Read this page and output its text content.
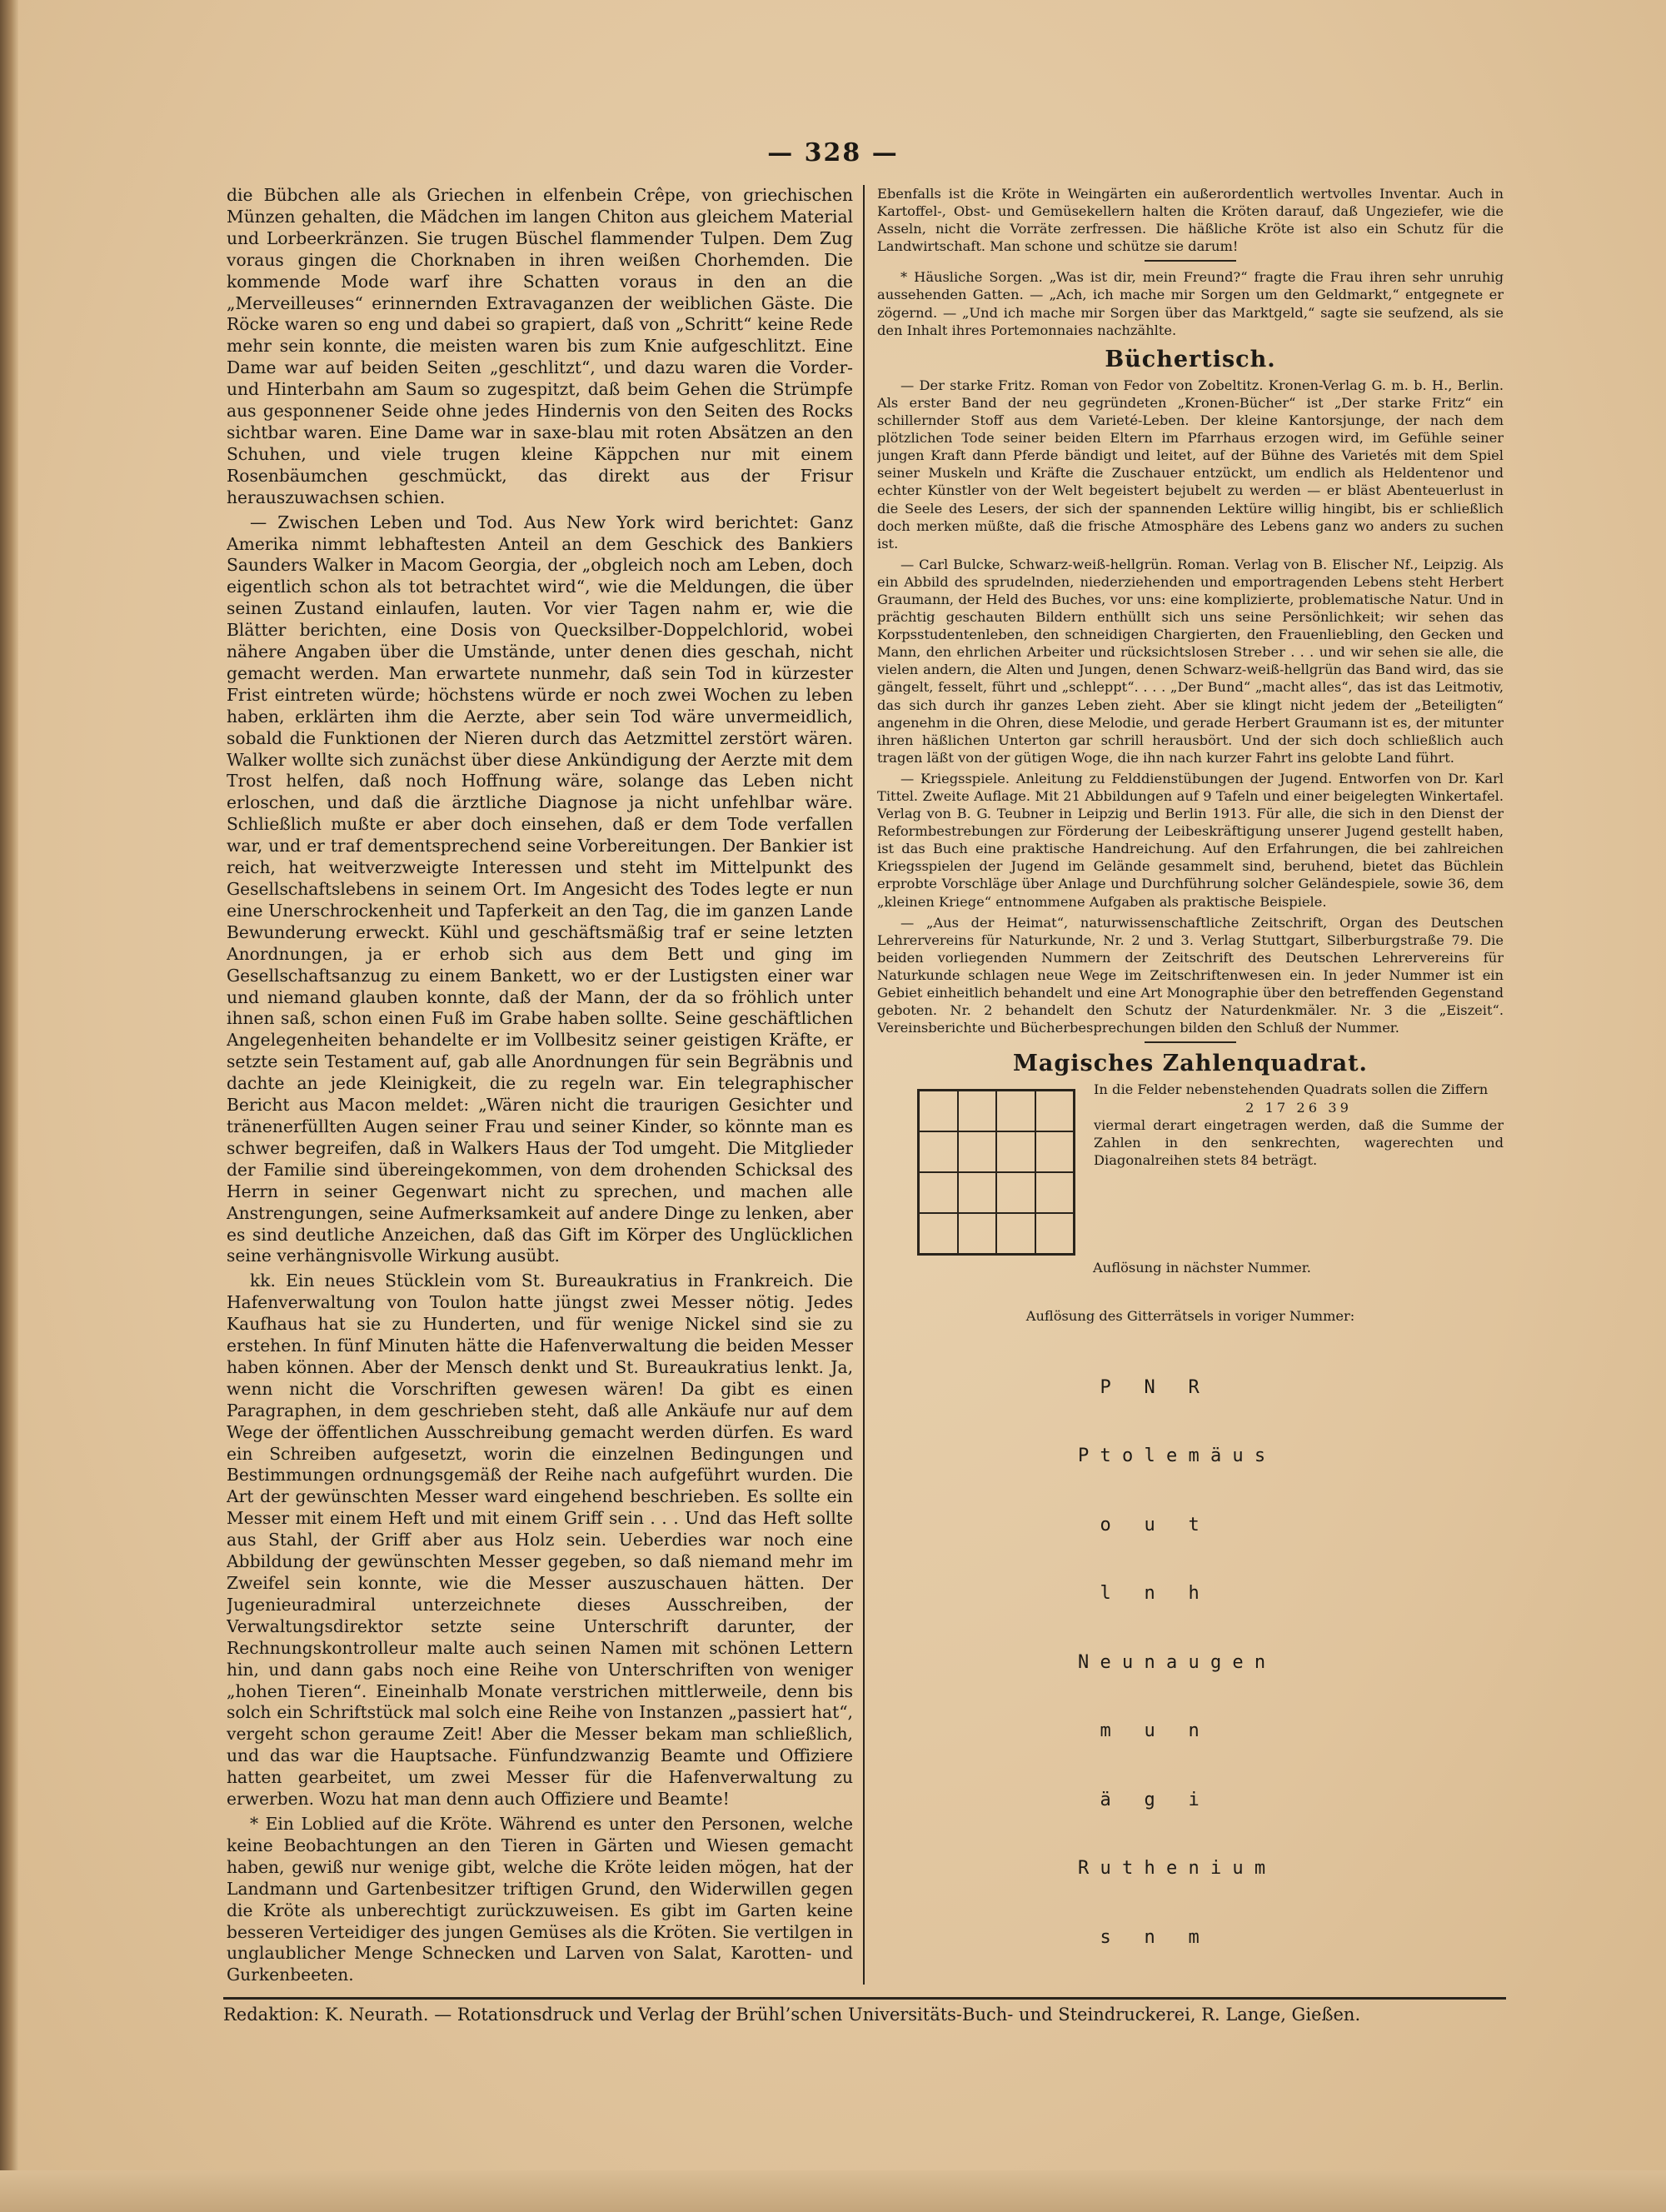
— 328 —

die Bübchen alle als Griechen in elfenbein Crêpe, von griechischen Münzen gehalten, die Mädchen im langen Chiton aus gleichem Material und Lorbeerkränzen. Sie trugen Büschel flammender Tulpen. Dem Zug voraus gingen die Chorknaben in ihren weißen Chorhemden. Die kommende Mode warf ihre Schatten voraus in den an die „Merveilleuses“ erinnernden Extravaganzen der weiblichen Gäste. Die Röcke waren so eng und dabei so grapiert, daß von „Schritt“ keine Rede mehr sein konnte, die meisten waren bis zum Knie aufgeschlitzt. Eine Dame war auf beiden Seiten „geschlitzt“, und dazu waren die Vorder- und Hinterbahn am Saum so zugespitzt, daß beim Gehen die Strümpfe aus gesponnener Seide ohne jedes Hindernis von den Seiten des Rocks sichtbar waren. Eine Dame war in saxe-blau mit roten Absätzen an den Schuhen, und viele trugen kleine Käppchen nur mit einem Rosenbäumchen geschmückt, das direkt aus der Frisur herauszuwachsen schien.

— Zwischen Leben und Tod. Aus New York wird berichtet: Ganz Amerika nimmt lebhaftesten Anteil an dem Geschick des Bankiers Saunders Walker in Macom Georgia, der „obgleich noch am Leben, doch eigentlich schon als tot betrachtet wird“, wie die Meldungen, die über seinen Zustand einlaufen, lauten. Vor vier Tagen nahm er, wie die Blätter berichten, eine Dosis von Quecksilber-Doppelchlorid, wobei nähere Angaben über die Umstände, unter denen dies geschah, nicht gemacht werden. Man erwartete nunmehr, daß sein Tod in kürzester Frist eintreten würde; höchstens würde er noch zwei Wochen zu leben haben, erklärten ihm die Aerzte, aber sein Tod wäre unvermeidlich, sobald die Funktionen der Nieren durch das Aetzmittel zerstört wären. Walker wollte sich zunächst über diese Ankündigung der Aerzte mit dem Trost helfen, daß noch Hoffnung wäre, solange das Leben nicht erloschen, und daß die ärztliche Diagnose ja nicht unfehlbar wäre. Schließlich mußte er aber doch einsehen, daß er dem Tode verfallen war, und er traf dementsprechend seine Vorbereitungen. Der Bankier ist reich, hat weitverzweigte Interessen und steht im Mittelpunkt des Gesellschaftslebens in seinem Ort. Im Angesicht des Todes legte er nun eine Unerschrockenheit und Tapferkeit an den Tag, die im ganzen Lande Bewunderung erweckt. Kühl und geschäftsmäßig traf er seine letzten Anordnungen, ja er erhob sich aus dem Bett und ging im Gesellschaftsanzug zu einem Bankett, wo er der Lustigsten einer war und niemand glauben konnte, daß der Mann, der da so fröhlich unter ihnen saß, schon einen Fuß im Grabe haben sollte. Seine geschäftlichen Angelegenheiten behandelte er im Vollbesitz seiner geistigen Kräfte, er setzte sein Testament auf, gab alle Anordnungen für sein Begräbnis und dachte an jede Kleinigkeit, die zu regeln war. Ein telegraphischer Bericht aus Macon meldet: „Wären nicht die traurigen Gesichter und tränenerfüllten Augen seiner Frau und seiner Kinder, so könnte man es schwer begreifen, daß in Walkers Haus der Tod umgeht. Die Mitglieder der Familie sind übereingekommen, von dem drohenden Schicksal des Herrn in seiner Gegenwart nicht zu sprechen, und machen alle Anstrengungen, seine Aufmerksamkeit auf andere Dinge zu lenken, aber es sind deutliche Anzeichen, daß das Gift im Körper des Unglücklichen seine verhängnisvolle Wirkung ausübt.

kk. Ein neues Stücklein vom St. Bureaukratius in Frankreich. Die Hafenverwaltung von Toulon hatte jüngst zwei Messer nötig. Jedes Kaufhaus hat sie zu Hunderten, und für wenige Nickel sind sie zu erstehen. In fünf Minuten hätte die Hafenverwaltung die beiden Messer haben können. Aber der Mensch denkt und St. Bureaukratius lenkt. Ja, wenn nicht die Vorschriften gewesen wären! Da gibt es einen Paragraphen, in dem geschrieben steht, daß alle Ankäufe nur auf dem Wege der öffentlichen Ausschreibung gemacht werden dürfen. Es ward ein Schreiben aufgesetzt, worin die einzelnen Bedingungen und Bestimmungen ordnungsgemäß der Reihe nach aufgeführt wurden. Die Art der gewünschten Messer ward eingehend beschrieben. Es sollte ein Messer mit einem Heft und mit einem Griff sein . . . Und das Heft sollte aus Stahl, der Griff aber aus Holz sein. Ueberdies war noch eine Abbildung der gewünschten Messer gegeben, so daß niemand mehr im Zweifel sein konnte, wie die Messer auszuschauen hätten. Der Jugenieuradmiral unterzeichnete dieses Ausschreiben, der Verwaltungsdirektor setzte seine Unterschrift darunter, der Rechnungskontrolleur malte auch seinen Namen mit schönen Lettern hin, und dann gabs noch eine Reihe von Unterschriften von weniger „hohen Tieren“. Eineinhalb Monate verstrichen mittlerweile, denn bis solch ein Schriftstück mal solch eine Reihe von Instanzen „passiert hat“, vergeht schon geraume Zeit! Aber die Messer bekam man schließlich, und das war die Hauptsache. Fünfundzwanzig Beamte und Offiziere hatten gearbeitet, um zwei Messer für die Hafenverwaltung zu erwerben. Wozu hat man denn auch Offiziere und Beamte!

* Ein Loblied auf die Kröte. Während es unter den Personen, welche keine Beobachtungen an den Tieren in Gärten und Wiesen gemacht haben, gewiß nur wenige gibt, welche die Kröte leiden mögen, hat der Landmann und Gartenbesitzer triftigen Grund, den Widerwillen gegen die Kröte als unberechtigt zurückzuweisen. Es gibt im Garten keine besseren Verteidiger des jungen Gemüses als die Kröten. Sie vertilgen in unglaublicher Menge Schnecken und Larven von Salat, Karotten- und Gurkenbeeten.

Ebenfalls ist die Kröte in Weingärten ein außerordentlich wertvolles Inventar. Auch in Kartoffel-, Obst- und Gemüsekellern halten die Kröten darauf, daß Ungeziefer, wie die Asseln, nicht die Vorräte zerfressen. Die häßliche Kröte ist also ein Schutz für die Landwirtschaft. Man schone und schütze sie darum!

* Häusliche Sorgen. „Was ist dir, mein Freund?“ fragte die Frau ihren sehr unruhig aussehenden Gatten. — „Ach, ich mache mir Sorgen um den Geldmarkt,“ entgegnete er zögernd. — „Und ich mache mir Sorgen über das Marktgeld,“ sagte sie seufzend, als sie den Inhalt ihres Portemonnaies nachzählte.

Büchertisch.

— Der starke Fritz. Roman von Fedor von Zobeltitz. Kronen-Verlag G. m. b. H., Berlin. Als erster Band der neu gegründeten „Kronen-Bücher“ ist „Der starke Fritz“ ein schillernder Stoff aus dem Varieté-Leben. Der kleine Kantorsjunge, der nach dem plötzlichen Tode seiner beiden Eltern im Pfarrhaus erzogen wird, im Gefühle seiner jungen Kraft dann Pferde bändigt und leitet, auf der Bühne des Varietés mit dem Spiel seiner Muskeln und Kräfte die Zuschauer entzückt, um endlich als Heldentenor und echter Künstler von der Welt begeistert bejubelt zu werden — er bläst Abenteuerlust in die Seele des Lesers, der sich der spannenden Lektüre willig hingibt, bis er schließlich doch merken müßte, daß die frische Atmosphäre des Lebens ganz wo anders zu suchen ist.

— Carl Bulcke, Schwarz-weiß-hellgrün. Roman. Verlag von B. Elischer Nf., Leipzig. Als ein Abbild des sprudelnden, niederziehenden und emportragenden Lebens steht Herbert Graumann, der Held des Buches, vor uns: eine komplizierte, problematische Natur. Und in prächtig geschauten Bildern enthüllt sich uns seine Persönlichkeit; wir sehen das Korpsstudentenleben, den schneidigen Chargierten, den Frauenliebling, den Gecken und Mann, den ehrlichen Arbeiter und rücksichtslosen Streber . . . und wir sehen sie alle, die vielen andern, die Alten und Jungen, denen Schwarz-weiß-hellgrün das Band wird, das sie gängelt, fesselt, führt und „schleppt“. . . . „Der Bund“ „macht alles“, das ist das Leitmotiv, das sich durch ihr ganzes Leben zieht. Aber sie klingt nicht jedem der „Beteiligten“ angenehm in die Ohren, diese Melodie, und gerade Herbert Graumann ist es, der mitunter ihren häßlichen Unterton gar schrill herausbört. Und der sich doch schließlich auch tragen läßt von der gütigen Woge, die ihn nach kurzer Fahrt ins gelobte Land führt.

— Kriegsspiele. Anleitung zu Felddienstübungen der Jugend. Entworfen von Dr. Karl Tittel. Zweite Auflage. Mit 21 Abbildungen auf 9 Tafeln und einer beigelegten Winkertafel. Verlag von B. G. Teubner in Leipzig und Berlin 1913. Für alle, die sich in den Dienst der Reformbestrebungen zur Förderung der Leibeskräftigung unserer Jugend gestellt haben, ist das Buch eine praktische Handreichung. Auf den Erfahrungen, die bei zahlreichen Kriegsspielen der Jugend im Gelände gesammelt sind, beruhend, bietet das Büchlein erprobte Vorschläge über Anlage und Durchführung solcher Geländespiele, sowie 36, dem „kleinen Kriege“ entnommene Aufgaben als praktische Beispiele.

— „Aus der Heimat“, naturwissenschaftliche Zeitschrift, Organ des Deutschen Lehrervereins für Naturkunde, Nr. 2 und 3. Verlag Stuttgart, Silberburgstraße 79. Die beiden vorliegenden Nummern der Zeitschrift des Deutschen Lehrervereins für Naturkunde schlagen neue Wege im Zeitschriftenwesen ein. In jeder Nummer ist ein Gebiet einheitlich behandelt und eine Art Monographie über den betreffenden Gegenstand geboten. Nr. 2 behandelt den Schutz der Naturdenkmäler. Nr. 3 die „Eiszeit“. Vereinsberichte und Bücherbesprechungen bilden den Schluß der Nummer.

Magisches Zahlenquadrat.
In die Felder nebenstehenden Quadrats sollen die Ziffern
2 17 26 39
viermal derart eingetragen werden, daß die Summe der Zahlen in den senkrechten, wagerechten und Diagonalreihen stets 84 beträgt.
Auflösung in nächster Nummer.
Auflösung des Gitterrätsels in voriger Nummer:

P   N   R

P t o l e m ä u s

o   u   t

l   n   h

N e u n a u g e n

m   u   n

ä   g   i

R u t h e n i u m

s   n   m

Redaktion: K. Neurath. — Rotationsdruck und Verlag der Brühl’schen Universitäts-Buch- und Steindruckerei, R. Lange, Gießen.
